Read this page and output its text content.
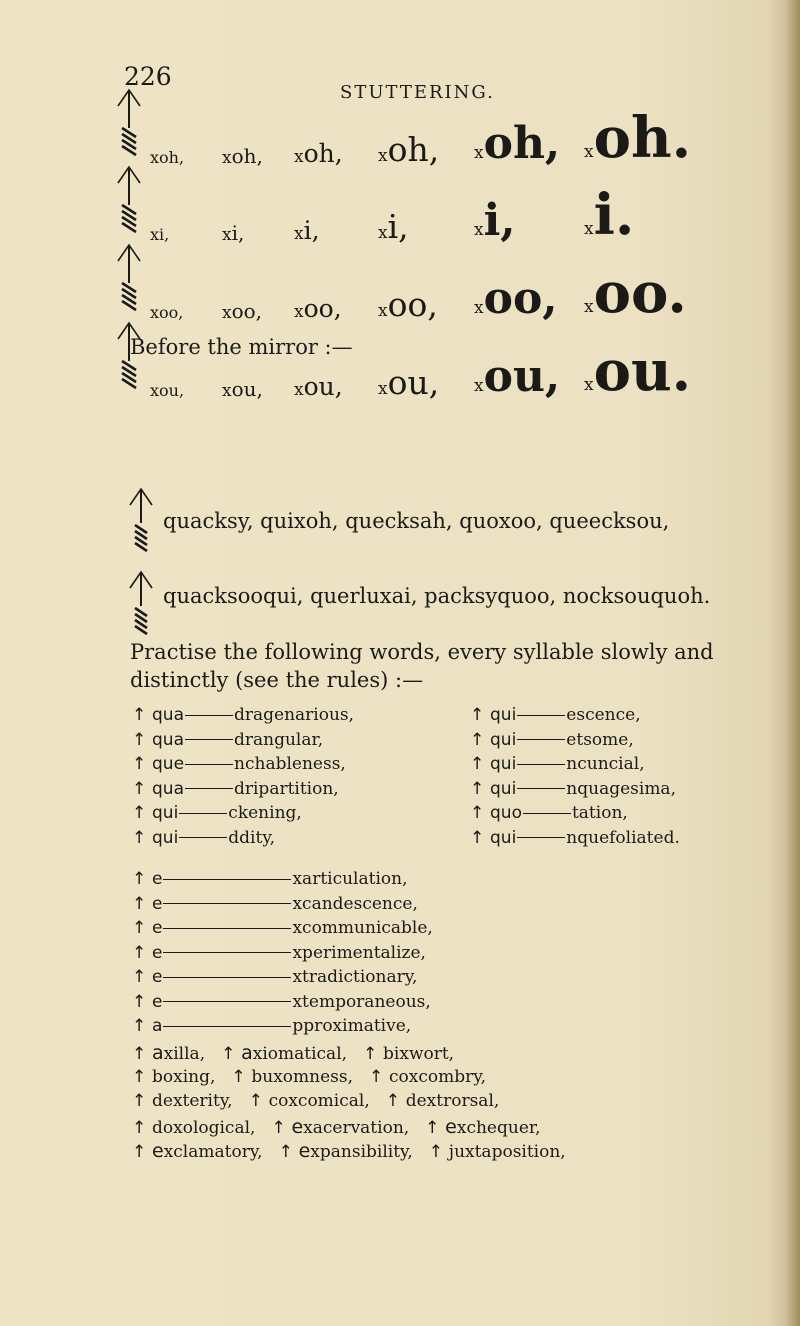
226
STUTTERING.
xoh, xoh, xoh, xoh, xoh, xoh.
xi,	xi,	xi,	xi,	xi,	xi.
xoo, xoo, xoo, xoo, xoo, xoo.
xou, xou, xou, xou, xou, xou.
Before the mirror :—
quacksy, quixoh, quecksah, quoxoo, queecksou,
quacksooqui, querluxai, packsyquoo, nocksouquoh.
Practise the following words, every syllable slowly and
distinctly (see the rules) :—
↑ qua	dragenarious,
↑ qua	drangular,
↑ que	nchableness,
↑ qua	dripartition,
↑ qui	ckening,
↑ qui	ddity,
↑ qui	escence,
↑ qui	etsome,
↑ qui	ncuncial,
↑ qui	nquagesima,
↑ quo	tation,
↑ qui	nquefoliated.
↑ e	xarticulation,
↑ e	xcandescence,
↑ e	xcommunicable,
↑ e	xperimentalize,
↑ e	xtradictionary,
↑ e	xtemporaneous,
↑ a	pproximative,
↑ axilla, ↑ axiomatical, ↑ bixwort,
↑ boxing, ↑ buxomness, ↑ coxcombry,
↑ dexterity, ↑ coxcomical, ↑ dextrorsal,
↑ doxological, ↑ exacervation, ↑ exchequer,
↑ exclamatory, ↑ expansibility, ↑ juxtaposition,
